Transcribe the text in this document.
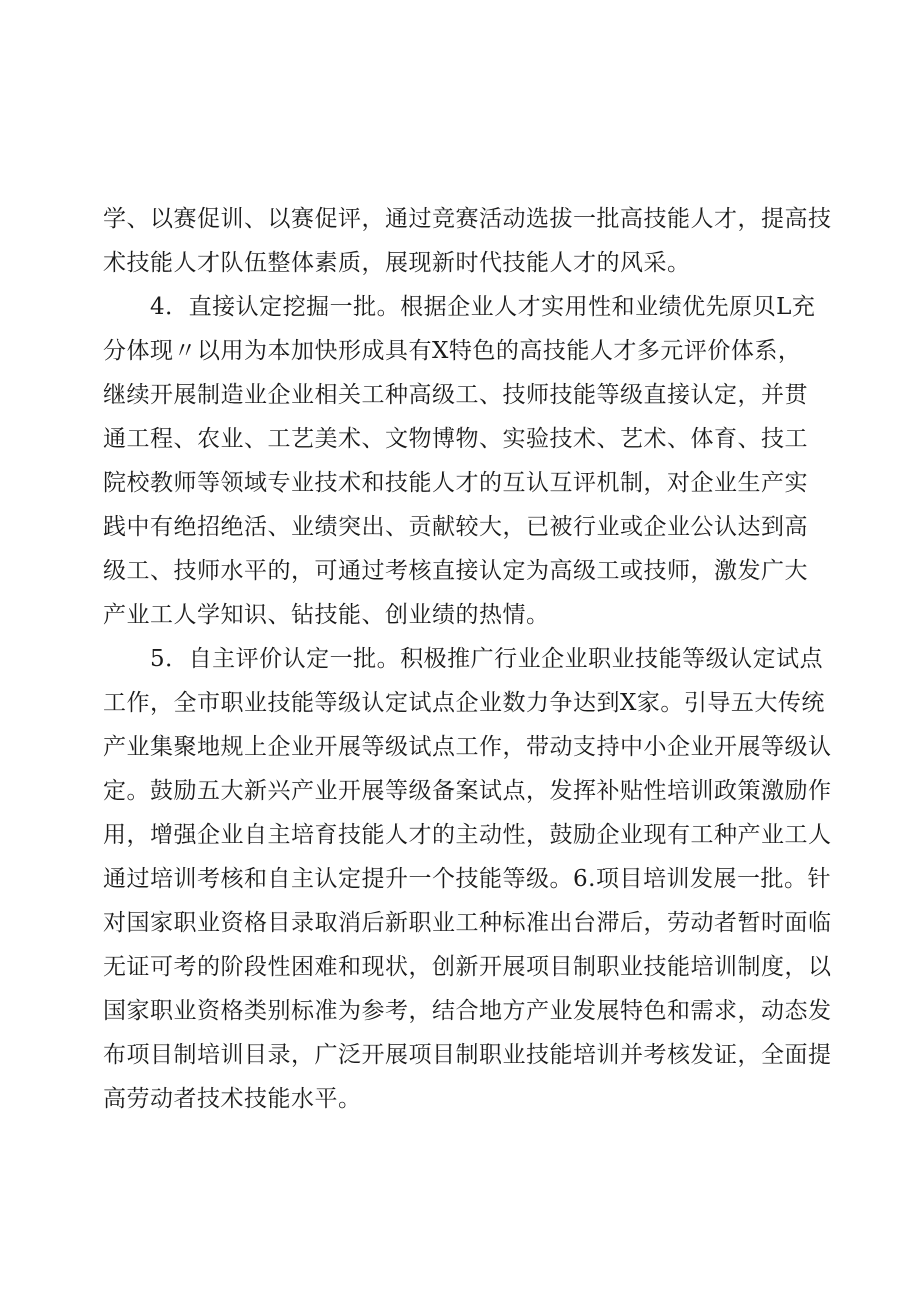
学、以赛促训、以赛促评，通过竞赛活动选拔一批高技能人才，提高技
术技能人才队伍整体素质，展现新时代技能人才的风采。
4．直接认定挖掘一批。根据企业人才实用性和业绩优先原贝L充
分体现〃以用为本加快形成具有X特色的高技能人才多元评价体系，
继续开展制造业企业相关工种高级工、技师技能等级直接认定，并贯
通工程、农业、工艺美术、文物博物、实验技术、艺术、体育、技工
院校教师等领域专业技术和技能人才的互认互评机制，对企业生产实
践中有绝招绝活、业绩突出、贡献较大，已被行业或企业公认达到高
级工、技师水平的，可通过考核直接认定为高级工或技师，激发广大
产业工人学知识、钻技能、创业绩的热情。
5．自主评价认定一批。积极推广行业企业职业技能等级认定试点
工作，全市职业技能等级认定试点企业数力争达到X家。引导五大传统
产业集聚地规上企业开展等级试点工作，带动支持中小企业开展等级认
定。鼓励五大新兴产业开展等级备案试点，发挥补贴性培训政策激励作
用，增强企业自主培育技能人才的主动性，鼓励企业现有工种产业工人
通过培训考核和自主认定提升一个技能等级。6.项目培训发展一批。针
对国家职业资格目录取消后新职业工种标准出台滞后，劳动者暂时面临
无证可考的阶段性困难和现状，创新开展项目制职业技能培训制度，以
国家职业资格类别标准为参考，结合地方产业发展特色和需求，动态发
布项目制培训目录，广泛开展项目制职业技能培训并考核发证，全面提
高劳动者技术技能水平。
